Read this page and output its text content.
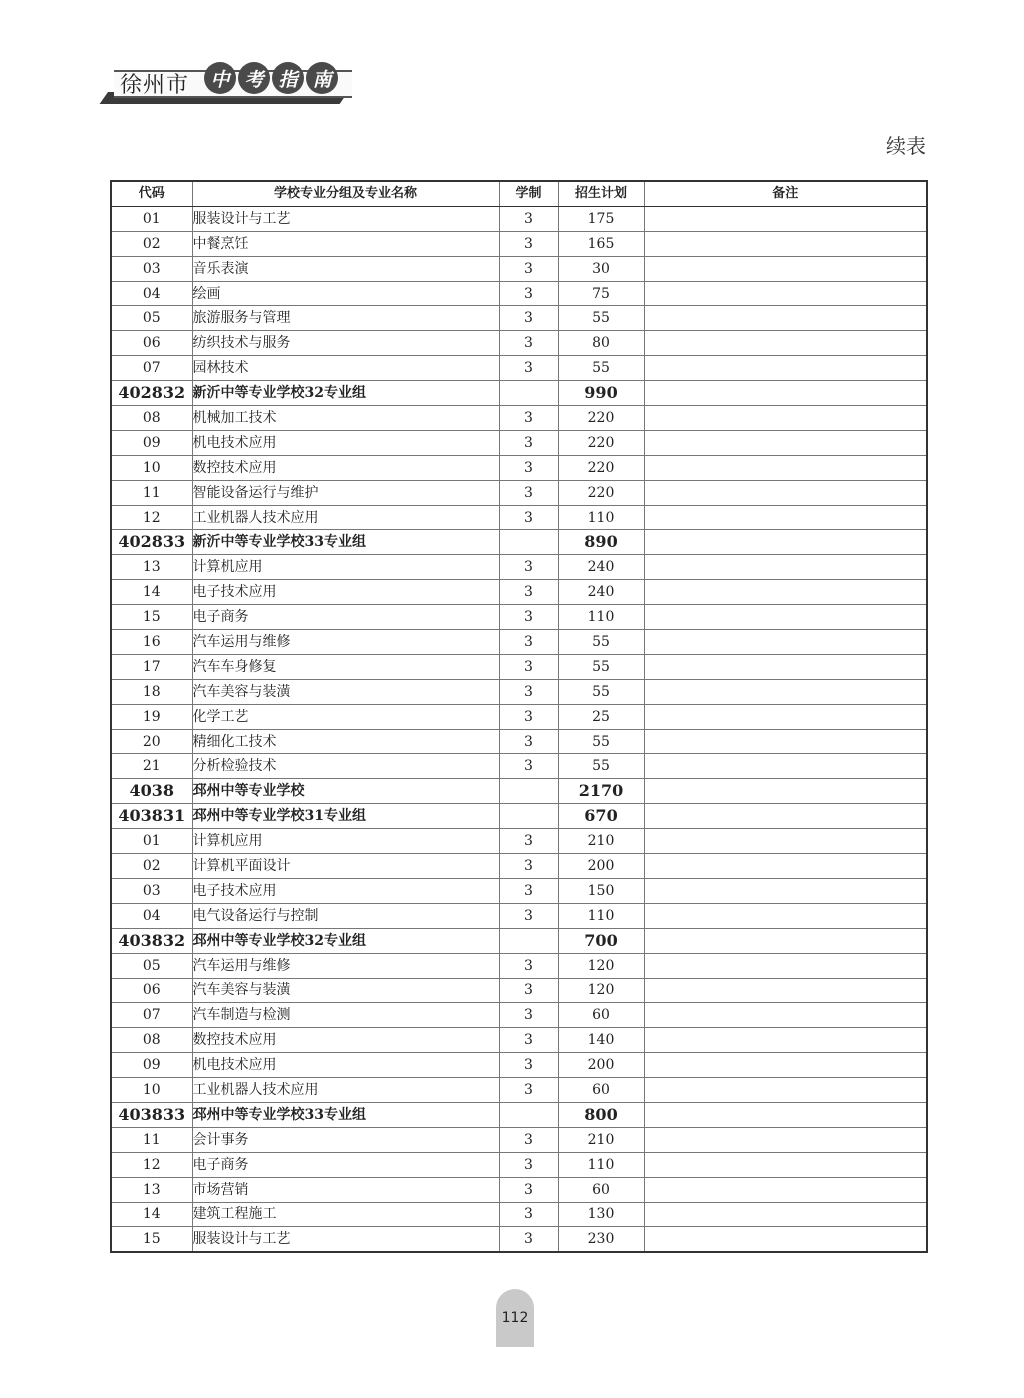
徐州市	中 考 指 南
续表
代码	学校专业分组及专业名称	学制	招生计划	备注
01	服装设计与工艺	3	175	
02	中餐烹饪	3	165	
03	音乐表演	3	30	
04	绘画	3	75	
05	旅游服务与管理	3	55	
06	纺织技术与服务	3	80	
07	园林技术	3	55	
402832	新沂中等专业学校32专业组		990	
08	机械加工技术	3	220	
09	机电技术应用	3	220	
10	数控技术应用	3	220	
11	智能设备运行与维护	3	220	
12	工业机器人技术应用	3	110	
402833	新沂中等专业学校33专业组		890	
13	计算机应用	3	240	
14	电子技术应用	3	240	
15	电子商务	3	110	
16	汽车运用与维修	3	55	
17	汽车车身修复	3	55	
18	汽车美容与装潢	3	55	
19	化学工艺	3	25	
20	精细化工技术	3	55	
21	分析检验技术	3	55	
4038	邳州中等专业学校		2170	
403831	邳州中等专业学校31专业组		670	
01	计算机应用	3	210	
02	计算机平面设计	3	200	
03	电子技术应用	3	150	
04	电气设备运行与控制	3	110	
403832	邳州中等专业学校32专业组		700	
05	汽车运用与维修	3	120	
06	汽车美容与装潢	3	120	
07	汽车制造与检测	3	60	
08	数控技术应用	3	140	
09	机电技术应用	3	200	
10	工业机器人技术应用	3	60	
403833	邳州中等专业学校33专业组		800	
11	会计事务	3	210	
12	电子商务	3	110	
13	市场营销	3	60	
14	建筑工程施工	3	130	
15	服装设计与工艺	3	230	
112
